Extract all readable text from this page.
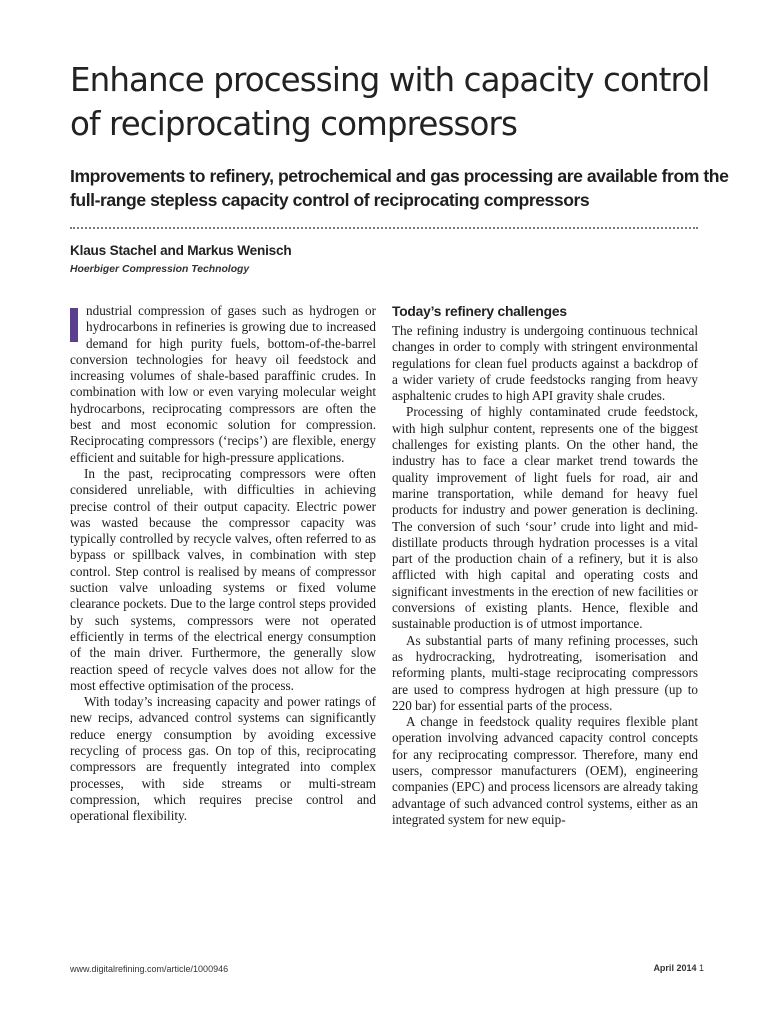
Enhance processing with capacity control of reciprocating compressors
Improvements to refinery, petrochemical and gas processing are available from the full-range stepless capacity control of reciprocating compressors
Klaus Stachel and Markus Wenisch
Hoerbiger Compression Technology

ndustrial compression of gases such as hydrogen or hydrocarbons in refineries is growing due to increased demand for high purity fuels, bottom-of-the-barrel conversion technologies for heavy oil feedstock and increasing volumes of shale-based paraffinic crudes. In combination with low or even varying molecular weight hydrocarbons, reciprocating compressors are often the best and most economic solution for compression. Reciprocating compressors (‘recips’) are flexible, energy efficient and suitable for high-pressure applications.

In the past, reciprocating compressors were often considered unreliable, with difficulties in achieving precise control of their output capacity. Electric power was wasted because the compressor capacity was typically controlled by recycle valves, often referred to as bypass or spillback valves, in combination with step control. Step control is realised by means of compressor suction valve unloading systems or fixed volume clearance pockets. Due to the large control steps provided by such systems, compressors were not operated efficiently in terms of the electrical energy consumption of the main driver. Furthermore, the generally slow reaction speed of recycle valves does not allow for the most effective optimisation of the process.

With today’s increasing capacity and power ratings of new recips, advanced control systems can significantly reduce energy consumption by avoiding excessive recycling of process gas. On top of this, reciprocating compressors are frequently integrated into complex processes, with side streams or multi-stream compression, which requires precise control and operational flexibility.

Today’s refinery challenges

The refining industry is undergoing continuous technical changes in order to comply with stringent environmental regulations for clean fuel products against a backdrop of a wider variety of crude feedstocks ranging from heavy asphaltenic crudes to high API gravity shale crudes.

Processing of highly contaminated crude feedstock, with high sulphur content, represents one of the biggest challenges for existing plants. On the other hand, the industry has to face a clear market trend towards the quality improvement of light fuels for road, air and marine transportation, while demand for heavy fuel products for industry and power generation is declining. The conversion of such ‘sour’ crude into light and middistillate products through hydration processes is a vital part of the production chain of a refinery, but it is also afflicted with high capital and operating costs and significant investments in the erection of new facilities or conversions of existing plants. Hence, flexible and sustainable production is of utmost importance.

As substantial parts of many refining processes, such as hydrocracking, hydrotreating, isomerisation and reforming plants, multi-stage reciprocating compressors are used to compress hydrogen at high pressure (up to 220 bar) for essential parts of the process.

A change in feedstock quality requires flexible plant operation involving advanced capacity control concepts for any reciprocating compressor. Therefore, many end users, compressor manufacturers (OEM), engineering companies (EPC) and process licensors are already taking advantage of such advanced control systems, either as an integrated system for new equip-

www.digitalrefining.com/article/1000946	April 2014 1
